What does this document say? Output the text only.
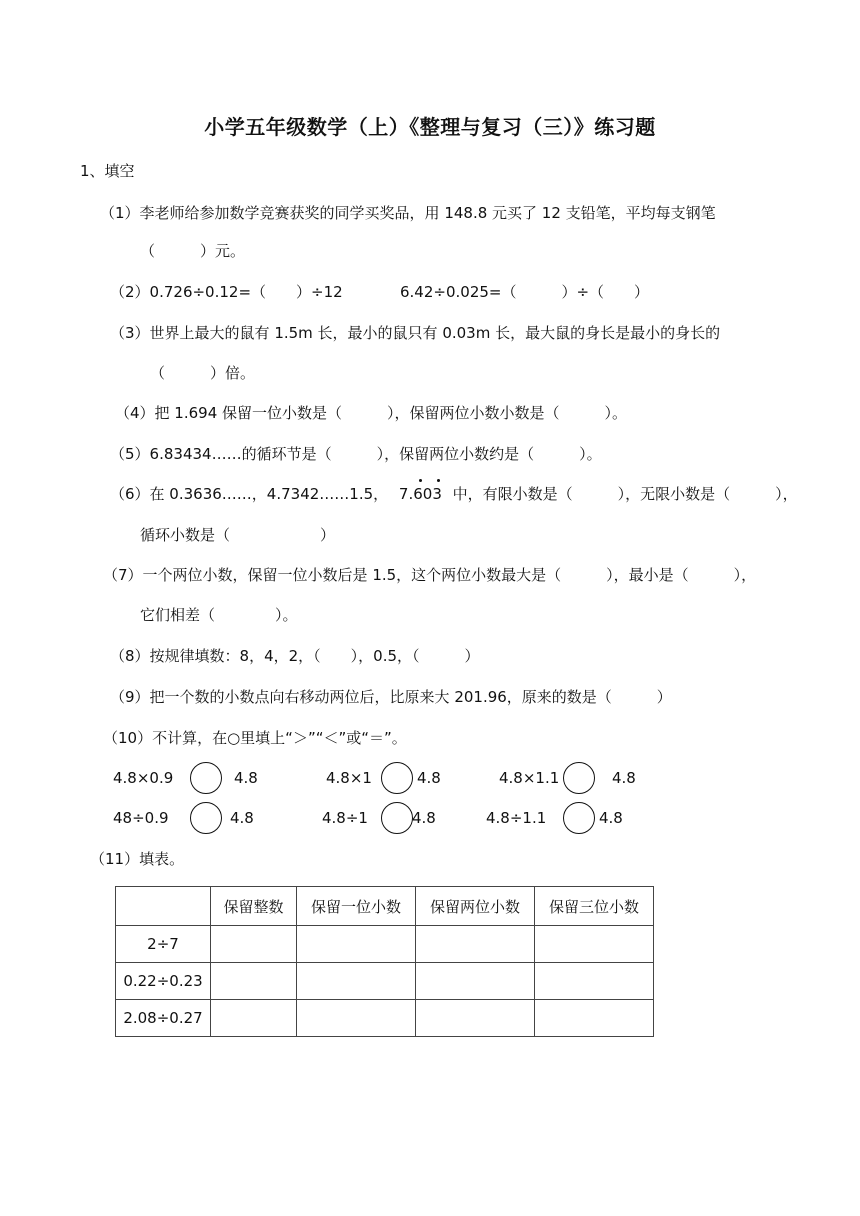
小学五年级数学（上）《整理与复习（三）》练习题
1、填空
（1）李老师给参加数学竞赛获奖的同学买奖品，用 148.8 元买了 12 支铅笔，平均每支钢笔
（　　　）元。
（2）0.726÷0.12=（　　）÷12	6.42÷0.025=（　　　）÷（　　）
（3）世界上最大的鼠有 1.5m 长，最小的鼠只有 0.03m 长，最大鼠的身长是最小的身长的
（　　　）倍。
（4）把 1.694 保留一位小数是（　　　），保留两位小数小数是（　　　）。
（5）6.83434……的循环节是（　　　），保留两位小数约是（　　　）。
（6）在 0.3636……，4.7342……1.5， 7.603 中，有限小数是（　　　），无限小数是（　　　），
循环小数是（　　　　　　）
（7）一个两位小数，保留一位小数后是 1.5，这个两位小数最大是（　　　），最小是（　　　），
它们相差（　　　　）。
（8）按规律填数：8，4，2，（　　），0.5，（　　　）
（9）把一个数的小数点向右移动两位后，比原来大 201.96，原来的数是（　　　）
（10）不计算，在○里填上“＞”“＜”或“＝”。
4.8×0.9	4.8	4.8×1	4.8	4.8×1.1	4.8
48÷0.9	4.8	4.8÷1	4.8	4.8÷1.1	4.8
（11）填表。
	保留整数	保留一位小数	保留两位小数	保留三位小数
2÷7				
0.22÷0.23				
2.08÷0.27				
